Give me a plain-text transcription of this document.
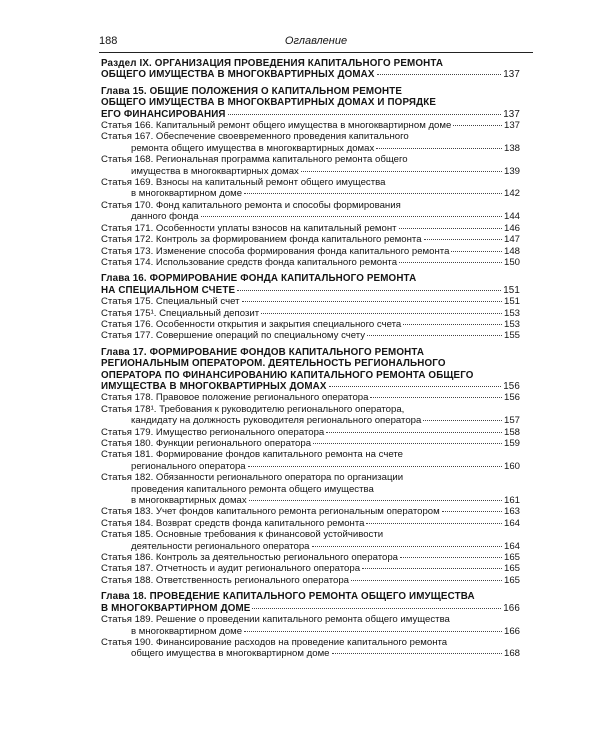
188	Оглавление
Раздел IX. ОРГАНИЗАЦИЯ ПРОВЕДЕНИЯ КАПИТАЛЬНОГО РЕМОНТА
ОБЩЕГО ИМУЩЕСТВА В МНОГОКВАРТИРНЫХ ДОМАХ	137
Глава 15. ОБЩИЕ ПОЛОЖЕНИЯ О КАПИТАЛЬНОМ РЕМОНТЕ
ОБЩЕГО ИМУЩЕСТВА В МНОГОКВАРТИРНЫХ ДОМАХ И ПОРЯДКЕ
ЕГО ФИНАНСИРОВАНИЯ	137
Статья 166. Капитальный ремонт общего имущества в многоквартирном доме	137
Статья 167. Обеспечение своевременного проведения капитального
ремонта общего имущества в многоквартирных домах	138
Статья 168. Региональная программа капитального ремонта общего
имущества в многоквартирных домах	139
Статья 169. Взносы на капитальный ремонт общего имущества
в многоквартирном доме	142
Статья 170. Фонд капитального ремонта и способы формирования
данного фонда	144
Статья 171. Особенности уплаты взносов на капитальный ремонт	146
Статья 172. Контроль за формированием фонда капитального ремонта	147
Статья 173. Изменение способа формирования фонда капитального ремонта	148
Статья 174. Использование средств фонда капитального ремонта	150
Глава 16. ФОРМИРОВАНИЕ ФОНДА КАПИТАЛЬНОГО РЕМОНТА
НА СПЕЦИАЛЬНОМ СЧЕТЕ	151
Статья 175. Специальный счет	151
Статья 175¹. Специальный депозит	153
Статья 176. Особенности открытия и закрытия специального счета	153
Статья 177. Совершение операций по специальному счету	155
Глава 17. ФОРМИРОВАНИЕ ФОНДОВ КАПИТАЛЬНОГО РЕМОНТА
РЕГИОНАЛЬНЫМ ОПЕРАТОРОМ. ДЕЯТЕЛЬНОСТЬ РЕГИОНАЛЬНОГО
ОПЕРАТОРА ПО ФИНАНСИРОВАНИЮ КАПИТАЛЬНОГО РЕМОНТА ОБЩЕГО
ИМУЩЕСТВА В МНОГОКВАРТИРНЫХ ДОМАХ	156
Статья 178. Правовое положение регионального оператора	156
Статья 178¹. Требования к руководителю регионального оператора,
кандидату на должность руководителя регионального оператора	157
Статья 179. Имущество регионального оператора	158
Статья 180. Функции регионального оператора	159
Статья 181. Формирование фондов капитального ремонта на счете
регионального оператора	160
Статья 182. Обязанности регионального оператора по организации
проведения капитального ремонта общего имущества
в многоквартирных домах	161
Статья 183. Учет фондов капитального ремонта региональным оператором	163
Статья 184. Возврат средств фонда капитального ремонта	164
Статья 185. Основные требования к финансовой устойчивости
деятельности регионального оператора	164
Статья 186. Контроль за деятельностью регионального оператора	165
Статья 187. Отчетность и аудит регионального оператора	165
Статья 188. Ответственность регионального оператора	165
Глава 18. ПРОВЕДЕНИЕ КАПИТАЛЬНОГО РЕМОНТА ОБЩЕГО ИМУЩЕСТВА
В МНОГОКВАРТИРНОМ ДОМЕ	166
Статья 189. Решение о проведении капитального ремонта общего имущества
в многоквартирном доме	166
Статья 190. Финансирование расходов на проведение капитального ремонта
общего имущества в многоквартирном доме	168
